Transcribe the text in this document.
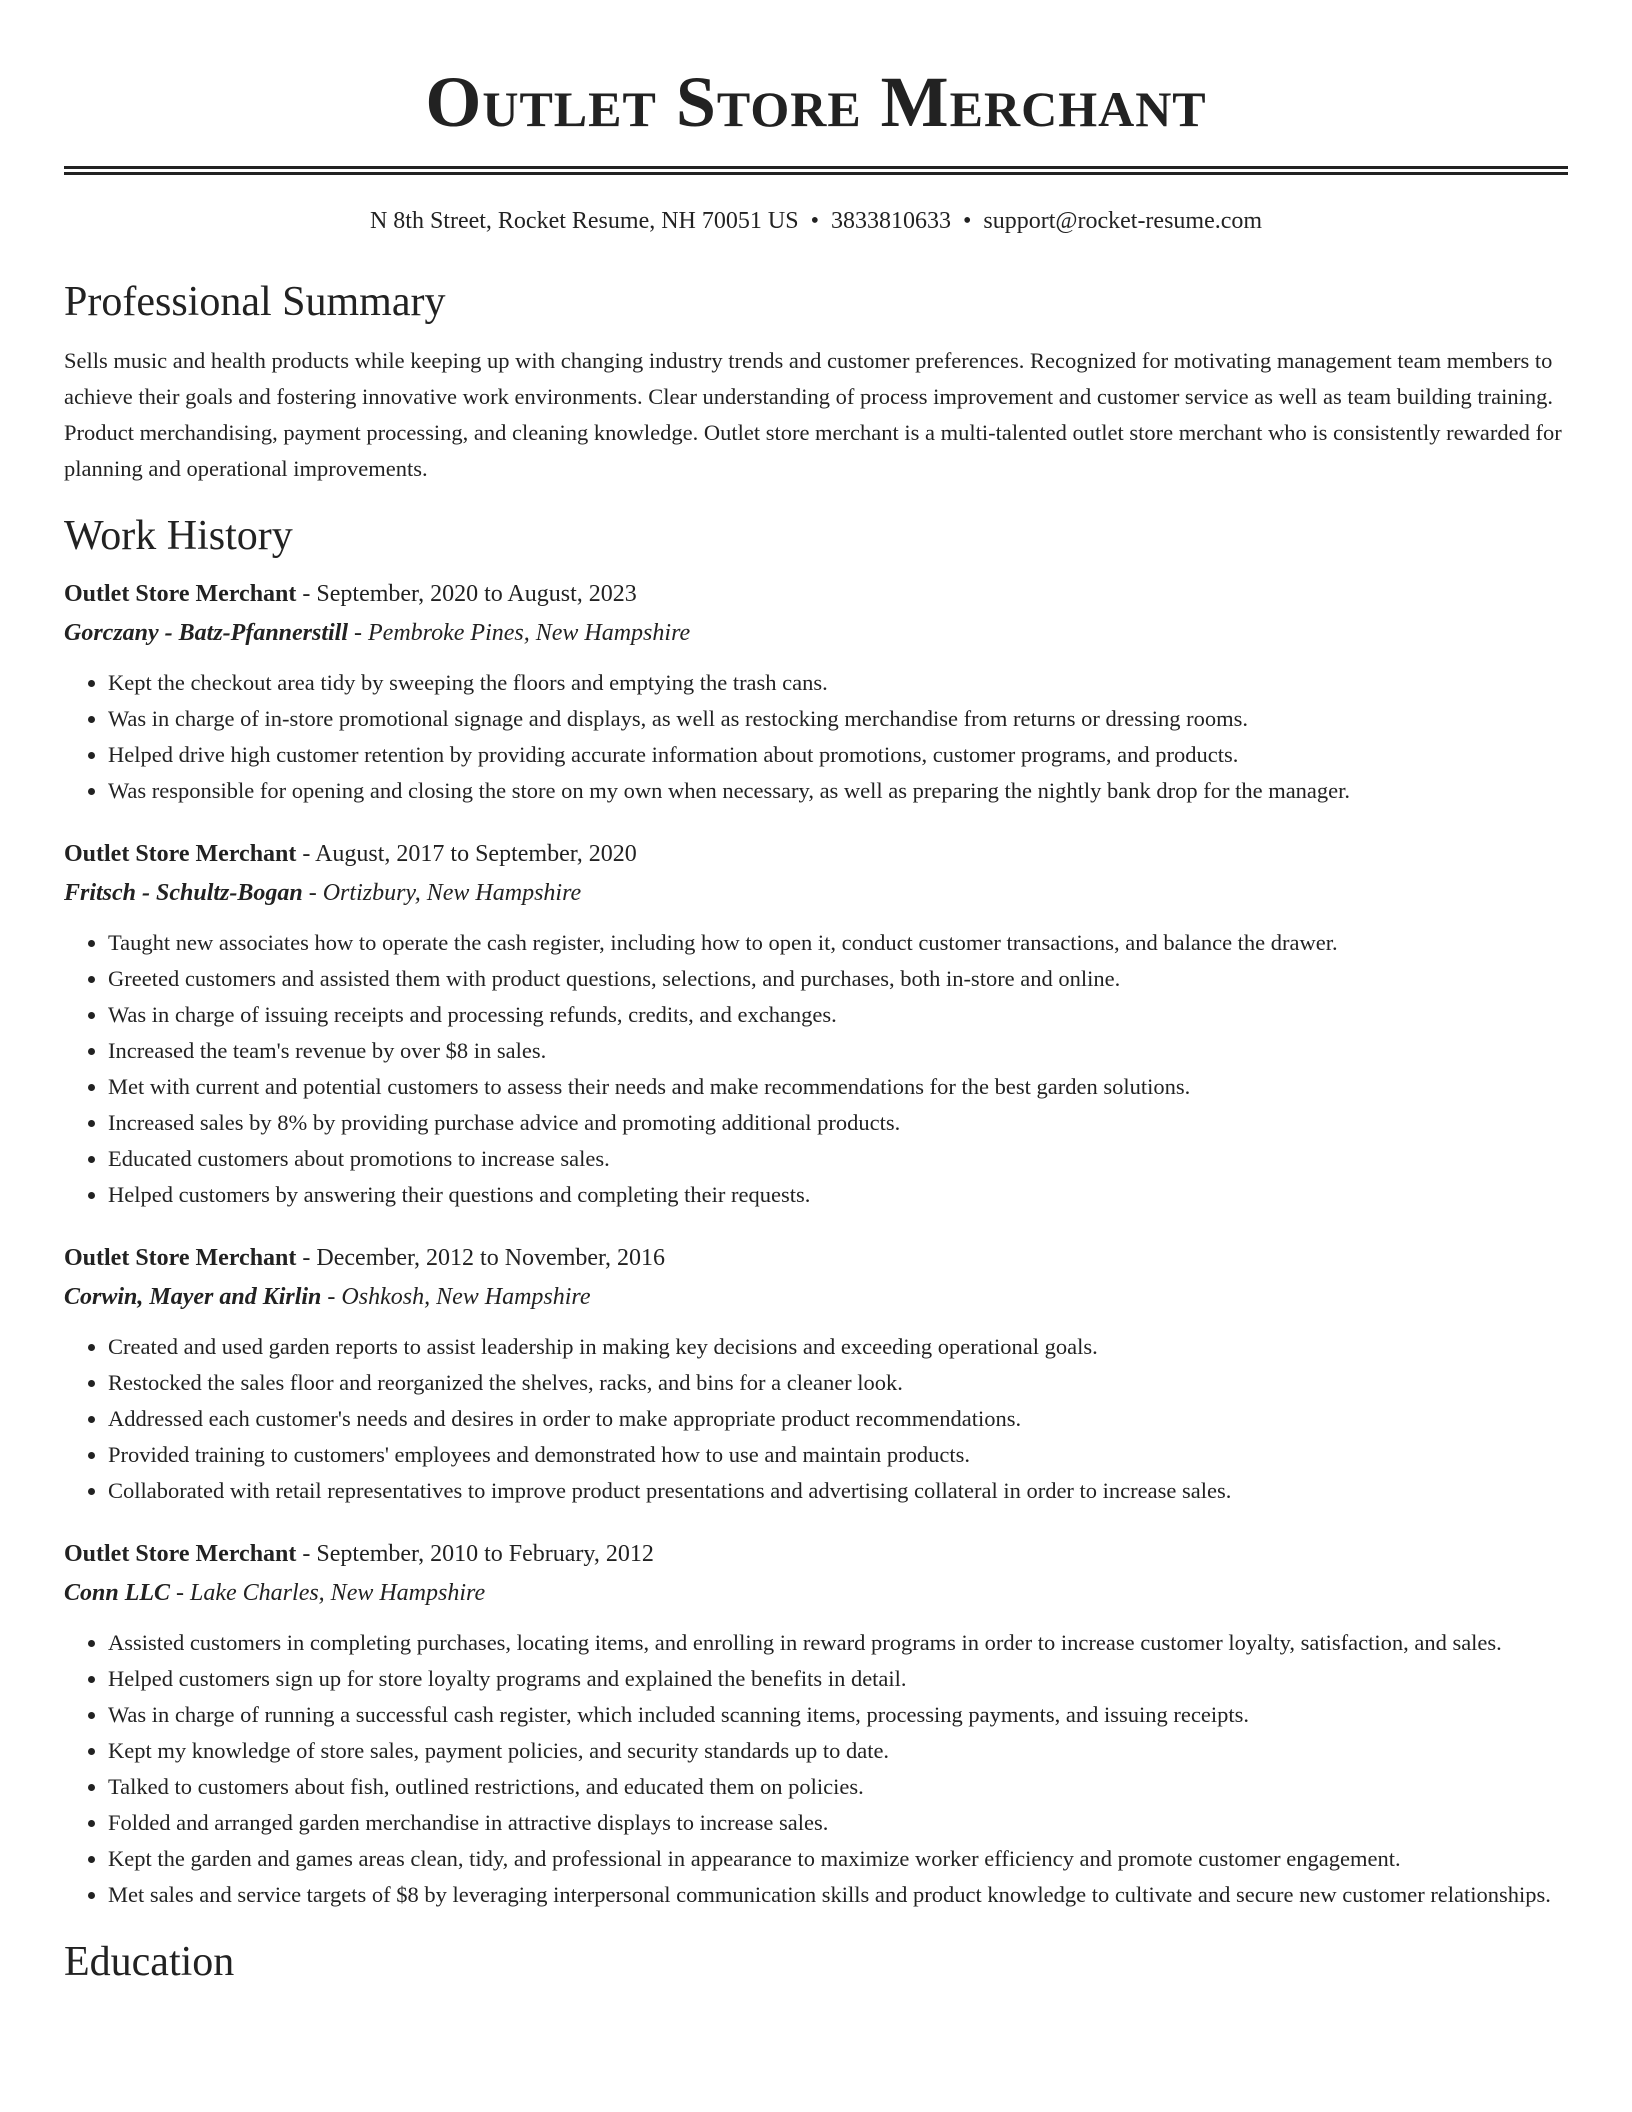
Outlet Store Merchant
N 8th Street, Rocket Resume, NH 70051 US • 3833810633 • support@rocket-resume.com
Professional Summary

Sells music and health products while keeping up with changing industry trends and customer preferences. Recognized for motivating management team members to achieve their goals and fostering innovative work environments. Clear understanding of process improvement and customer service as well as team building training. Product merchandising, payment processing, and cleaning knowledge. Outlet store merchant is a multi-talented outlet store merchant who is consistently rewarded for planning and operational improvements.

Work History
Outlet Store Merchant - September, 2020 to August, 2023
Gorczany - Batz-Pfannerstill - Pembroke Pines, New Hampshire
• Kept the checkout area tidy by sweeping the floors and emptying the trash cans.
• Was in charge of in-store promotional signage and displays, as well as restocking merchandise from returns or dressing rooms.
• Helped drive high customer retention by providing accurate information about promotions, customer programs, and products.
• Was responsible for opening and closing the store on my own when necessary, as well as preparing the nightly bank drop for the manager.
Outlet Store Merchant - August, 2017 to September, 2020
Fritsch - Schultz-Bogan - Ortizbury, New Hampshire
• Taught new associates how to operate the cash register, including how to open it, conduct customer transactions, and balance the drawer.
• Greeted customers and assisted them with product questions, selections, and purchases, both in-store and online.
• Was in charge of issuing receipts and processing refunds, credits, and exchanges.
• Increased the team's revenue by over $8 in sales.
• Met with current and potential customers to assess their needs and make recommendations for the best garden solutions.
• Increased sales by 8% by providing purchase advice and promoting additional products.
• Educated customers about promotions to increase sales.
• Helped customers by answering their questions and completing their requests.
Outlet Store Merchant - December, 2012 to November, 2016
Corwin, Mayer and Kirlin - Oshkosh, New Hampshire
• Created and used garden reports to assist leadership in making key decisions and exceeding operational goals.
• Restocked the sales floor and reorganized the shelves, racks, and bins for a cleaner look.
• Addressed each customer's needs and desires in order to make appropriate product recommendations.
• Provided training to customers' employees and demonstrated how to use and maintain products.
• Collaborated with retail representatives to improve product presentations and advertising collateral in order to increase sales.
Outlet Store Merchant - September, 2010 to February, 2012
Conn LLC - Lake Charles, New Hampshire
• Assisted customers in completing purchases, locating items, and enrolling in reward programs in order to increase customer loyalty, satisfaction, and sales.
• Helped customers sign up for store loyalty programs and explained the benefits in detail.
• Was in charge of running a successful cash register, which included scanning items, processing payments, and issuing receipts.
• Kept my knowledge of store sales, payment policies, and security standards up to date.
• Talked to customers about fish, outlined restrictions, and educated them on policies.
• Folded and arranged garden merchandise in attractive displays to increase sales.
• Kept the garden and games areas clean, tidy, and professional in appearance to maximize worker efficiency and promote customer engagement.
• Met sales and service targets of $8 by leveraging interpersonal communication skills and product knowledge to cultivate and secure new customer relationships.
Education
